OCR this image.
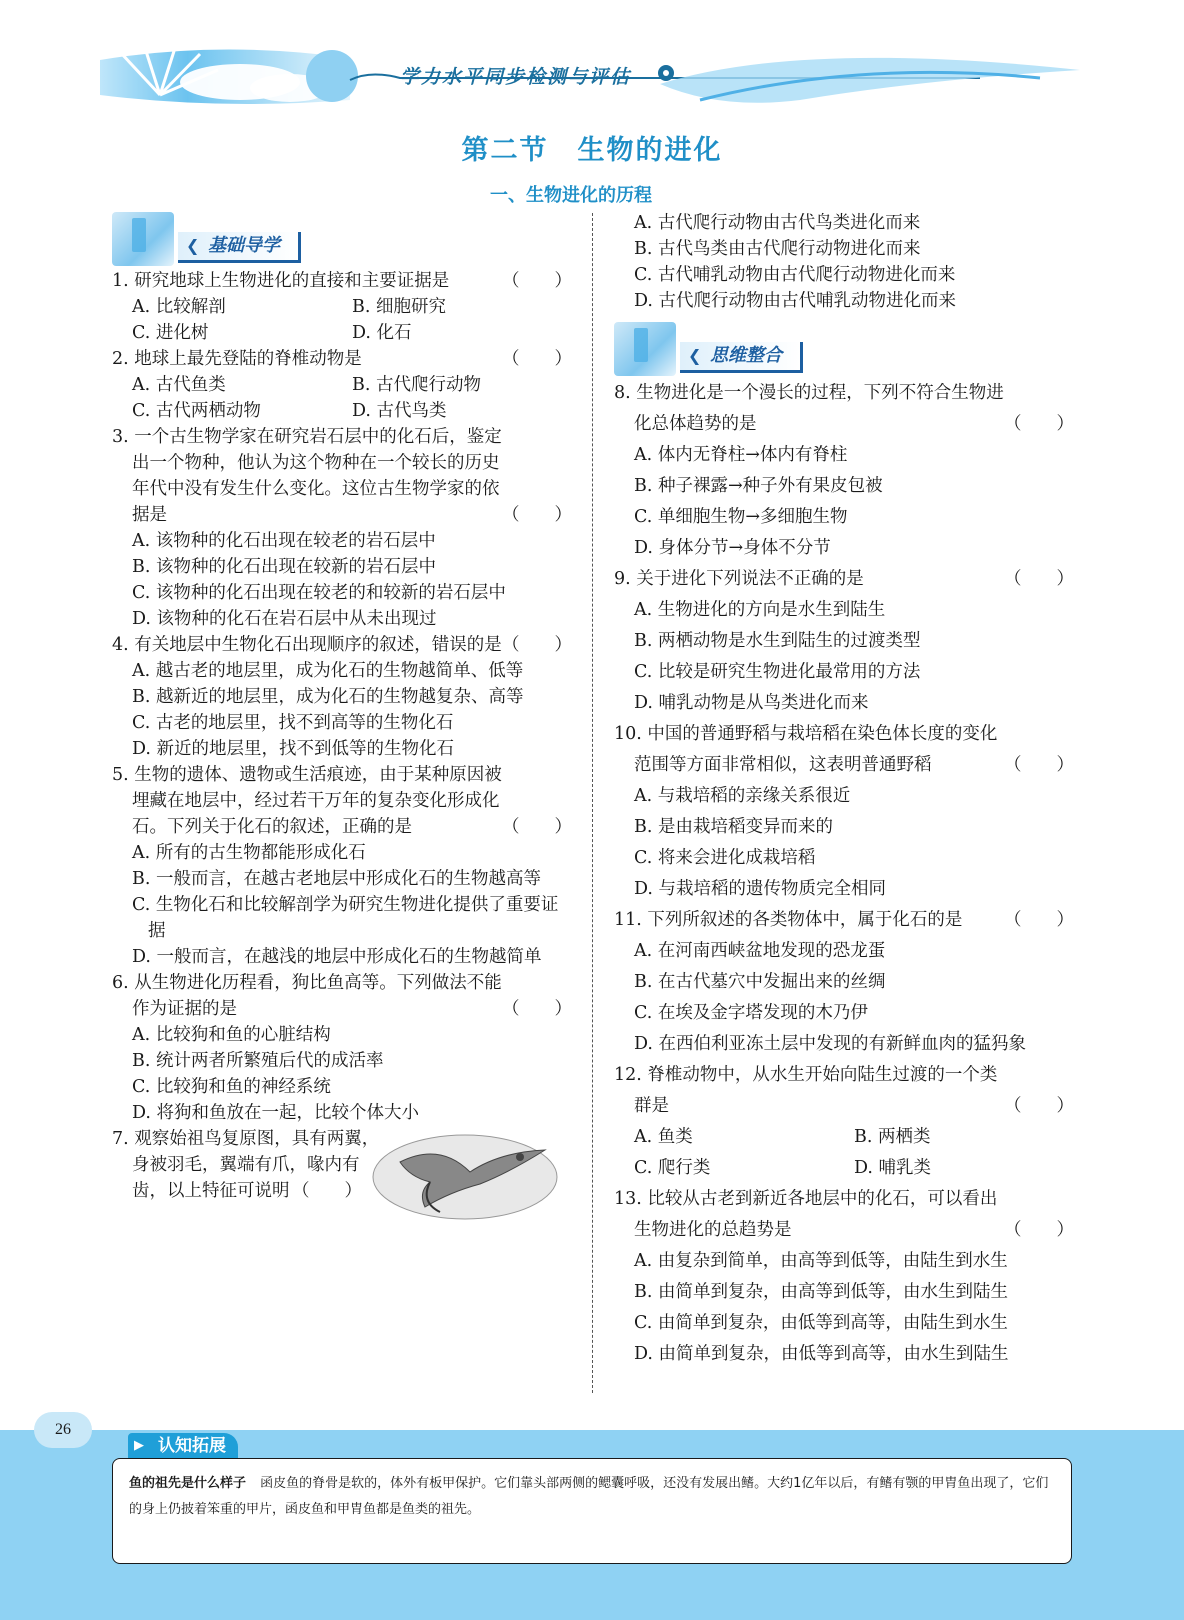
学力水平同步检测与评估
第二节　生物的进化
一、生物进化的历程
❮ 基础导学
1. 研究地球上生物进化的直接和主要证据是	（　　）
A. 比较解剖	B. 细胞研究
C. 进化树	D. 化石
2. 地球上最先登陆的脊椎动物是	（　　）
A. 古代鱼类	B. 古代爬行动物
C. 古代两栖动物	D. 古代鸟类
3. 一个古生物学家在研究岩石层中的化石后，鉴定出一个物种，他认为这个物种在一个较长的历史年代中没有发生什么变化。这位古生物学家的依据是	（　　）
A. 该物种的化石出现在较老的岩石层中
B. 该物种的化石出现在较新的岩石层中
C. 该物种的化石出现在较老的和较新的岩石层中
D. 该物种的化石在岩石层中从未出现过
4. 有关地层中生物化石出现顺序的叙述，错误的是 （　　）
A. 越古老的地层里，成为化石的生物越简单、低等
B. 越新近的地层里，成为化石的生物越复杂、高等
C. 古老的地层里，找不到高等的生物化石
D. 新近的地层里，找不到低等的生物化石
5. 生物的遗体、遗物或生活痕迹，由于某种原因被埋藏在地层中，经过若干万年的复杂变化形成化石。下列关于化石的叙述，正确的是	（　　）
A. 所有的古生物都能形成化石
B. 一般而言，在越古老地层中形成化石的生物越高等
C. 生物化石和比较解剖学为研究生物进化提供了重要证据
D. 一般而言，在越浅的地层中形成化石的生物越简单
6. 从生物进化历程看，狗比鱼高等。下列做法不能作为证据的是	（　　）
A. 比较狗和鱼的心脏结构
B. 统计两者所繁殖后代的成活率
C. 比较狗和鱼的神经系统
D. 将狗和鱼放在一起，比较个体大小
7. 观察始祖鸟复原图，具有两翼，身被羽毛，翼端有爪，喙内有齿，以上特征可说明 （　　）
A. 古代爬行动物由古代鸟类进化而来
B. 古代鸟类由古代爬行动物进化而来
C. 古代哺乳动物由古代爬行动物进化而来
D. 古代爬行动物由古代哺乳动物进化而来
❮ 思维整合
8. 生物进化是一个漫长的过程，下列不符合生物进化总体趋势的是	（　　）
A. 体内无脊柱→体内有脊柱
B. 种子裸露→种子外有果皮包被
C. 单细胞生物→多细胞生物
D. 身体分节→身体不分节
9. 关于进化下列说法不正确的是	（　　）
A. 生物进化的方向是水生到陆生
B. 两栖动物是水生到陆生的过渡类型
C. 比较是研究生物进化最常用的方法
D. 哺乳动物是从鸟类进化而来
10. 中国的普通野稻与栽培稻在染色体长度的变化范围等方面非常相似，这表明普通野稻	（　　）
A. 与栽培稻的亲缘关系很近
B. 是由栽培稻变异而来的
C. 将来会进化成栽培稻
D. 与栽培稻的遗传物质完全相同
11. 下列所叙述的各类物体中，属于化石的是	（　　）
A. 在河南西峡盆地发现的恐龙蛋
B. 在古代墓穴中发掘出来的丝绸
C. 在埃及金字塔发现的木乃伊
D. 在西伯利亚冻土层中发现的有新鲜血肉的猛犸象
12. 脊椎动物中，从水生开始向陆生过渡的一个类群是	（　　）
A. 鱼类	B. 两栖类
C. 爬行类	D. 哺乳类
13. 比较从古老到新近各地层中的化石，可以看出生物进化的总趋势是	（　　）
A. 由复杂到简单，由高等到低等，由陆生到水生
B. 由简单到复杂，由高等到低等，由水生到陆生
C. 由简单到复杂，由低等到高等，由陆生到水生
D. 由简单到复杂，由低等到高等，由水生到陆生
26
▶ 认知拓展
鱼的祖先是什么样子 函皮鱼的脊骨是软的，体外有板甲保护。它们靠头部两侧的鳃囊呼吸，还没有发展出鳍。大约1亿年以后，有鳍有颚的甲胄鱼出现了，它们的身上仍披着笨重的甲片，函皮鱼和甲胄鱼都是鱼类的祖先。
